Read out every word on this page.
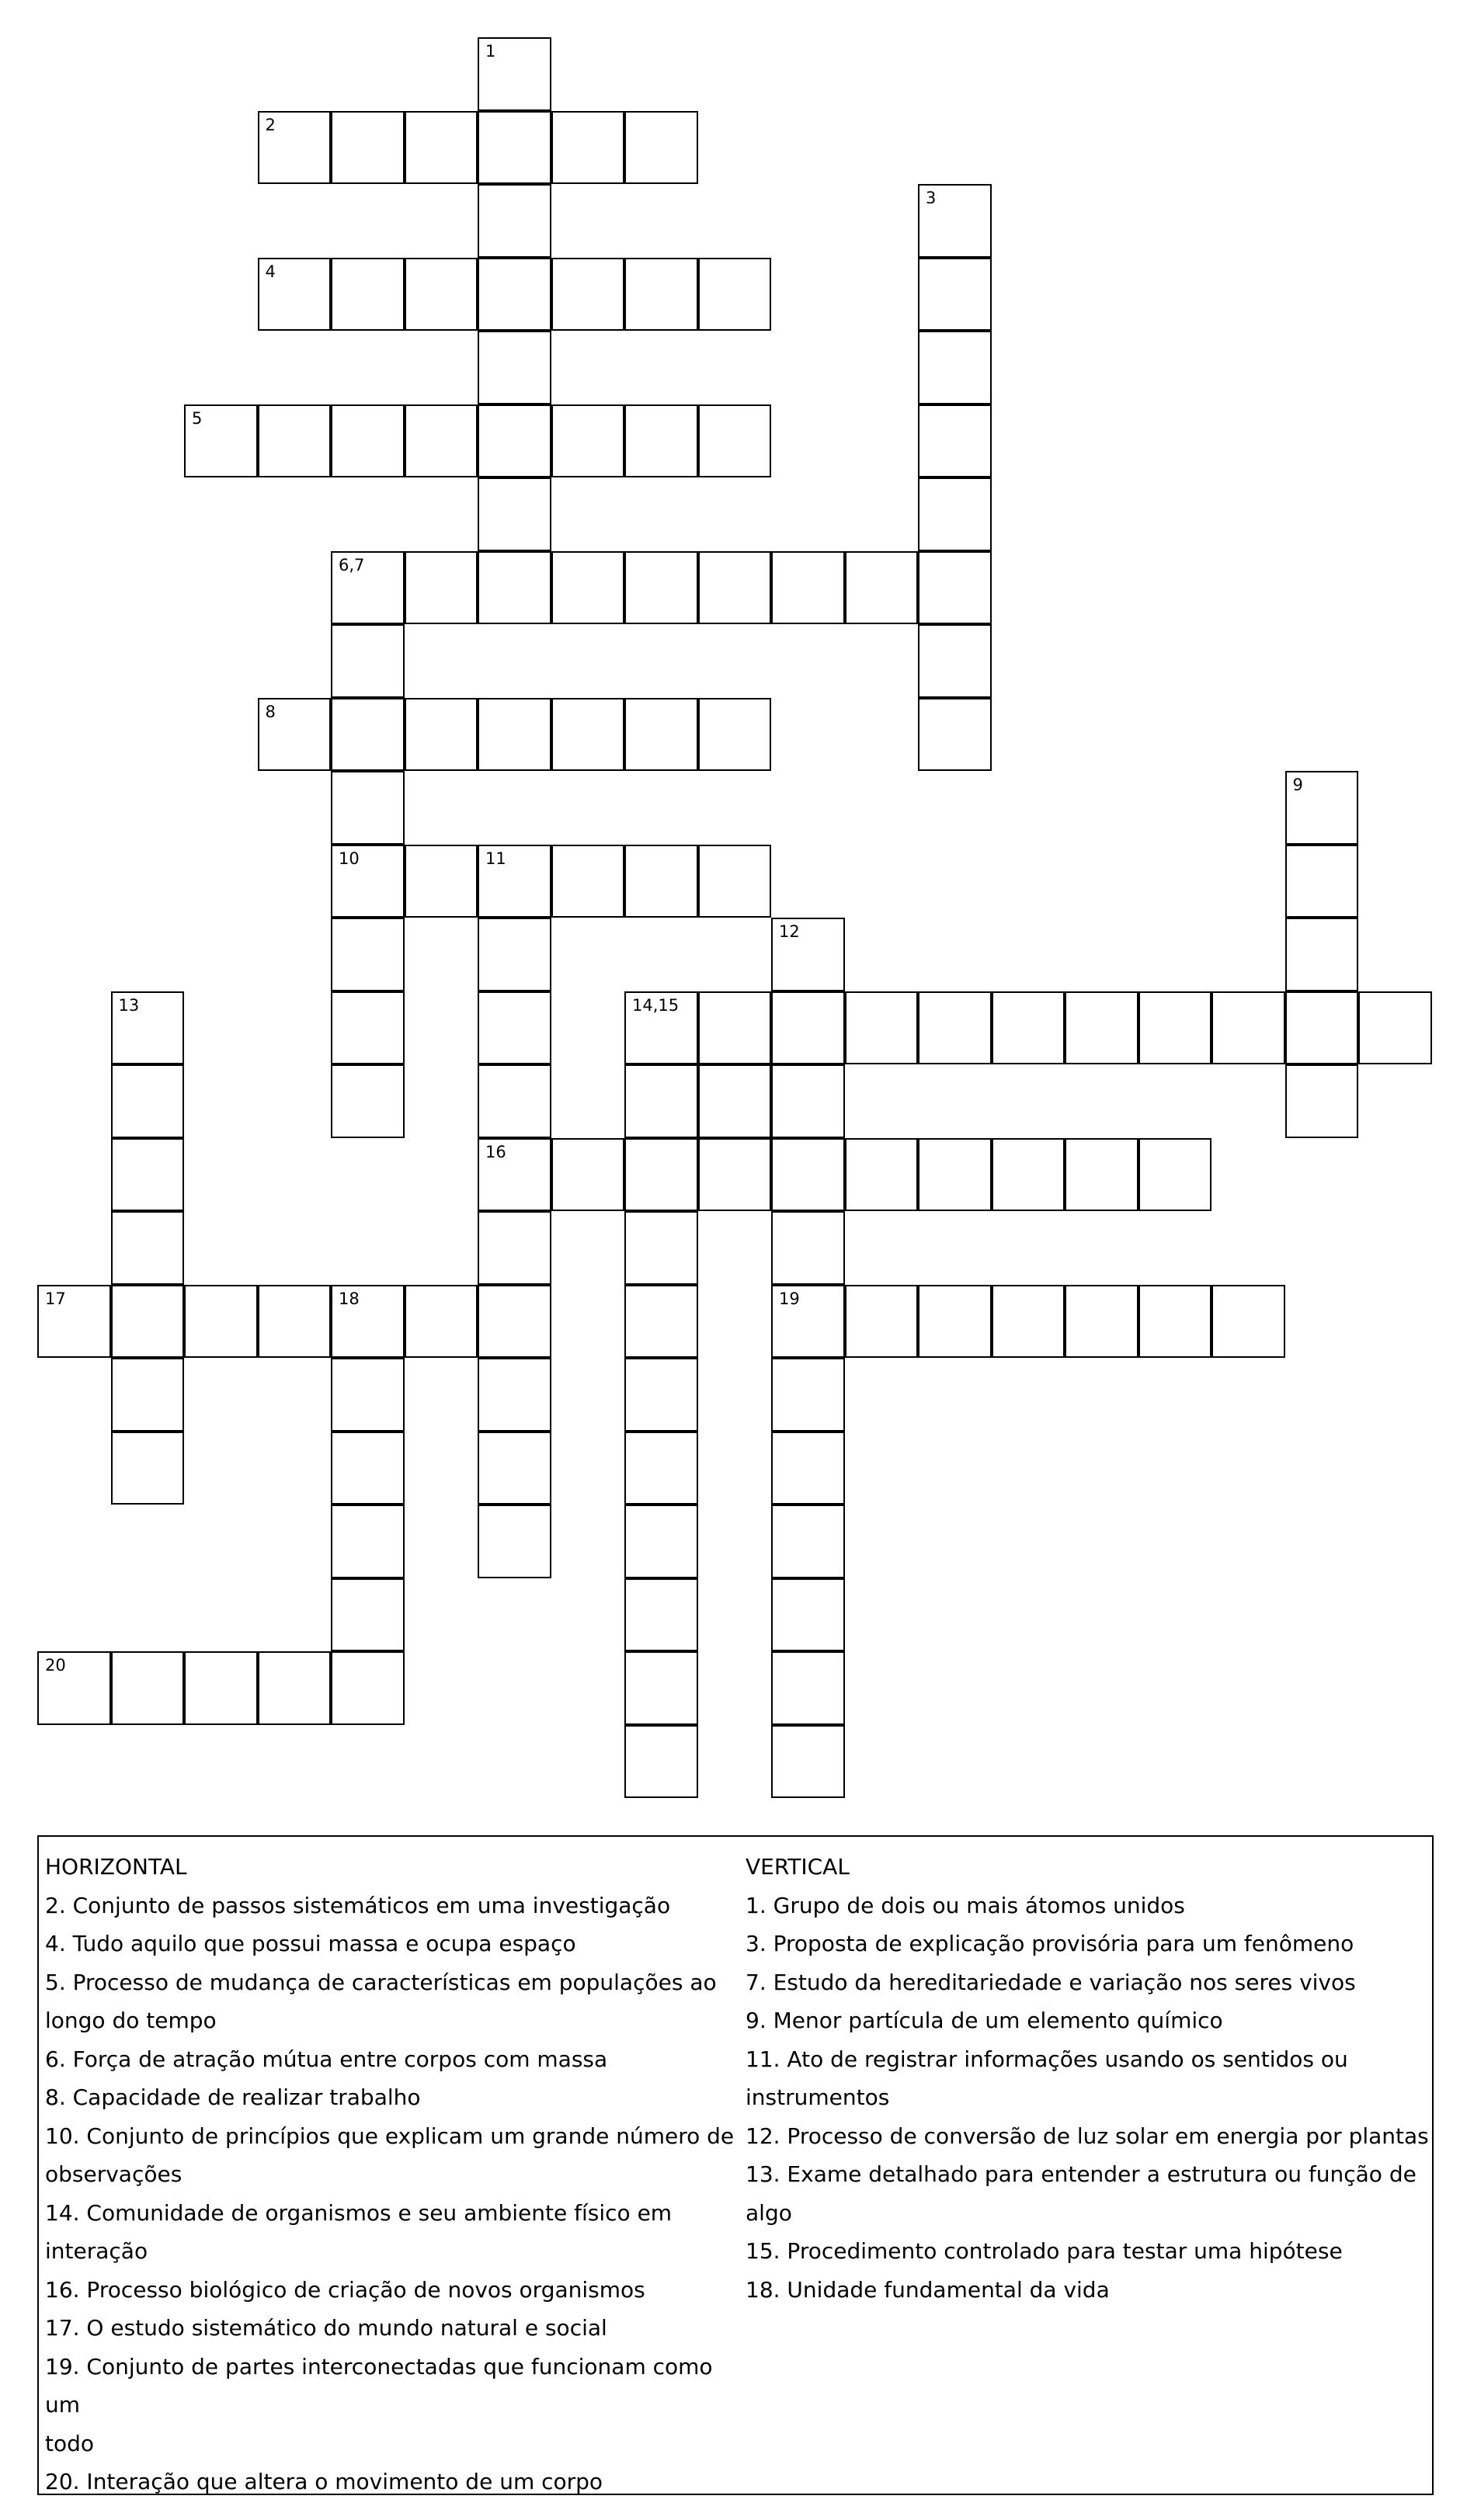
1
2
3
4
5
6,7
8
9
10	11
12
13	14,15
16
17	18	19
20
HORIZONTAL
2. Conjunto de passos sistemáticos em uma investigação
4. Tudo aquilo que possui massa e ocupa espaço
5. Processo de mudança de características em populações ao
longo do tempo
6. Força de atração mútua entre corpos com massa
8. Capacidade de realizar trabalho
10. Conjunto de princípios que explicam um grande número de
observações
14. Comunidade de organismos e seu ambiente físico em
interação
16. Processo biológico de criação de novos organismos
17. O estudo sistemático do mundo natural e social
19. Conjunto de partes interconectadas que funcionam como um
todo
20. Interação que altera o movimento de um corpo
VERTICAL
1. Grupo de dois ou mais átomos unidos
3. Proposta de explicação provisória para um fenômeno
7. Estudo da hereditariedade e variação nos seres vivos
9. Menor partícula de um elemento químico
11. Ato de registrar informações usando os sentidos ou
instrumentos
12. Processo de conversão de luz solar em energia por plantas
13. Exame detalhado para entender a estrutura ou função de
algo
15. Procedimento controlado para testar uma hipótese
18. Unidade fundamental da vida
